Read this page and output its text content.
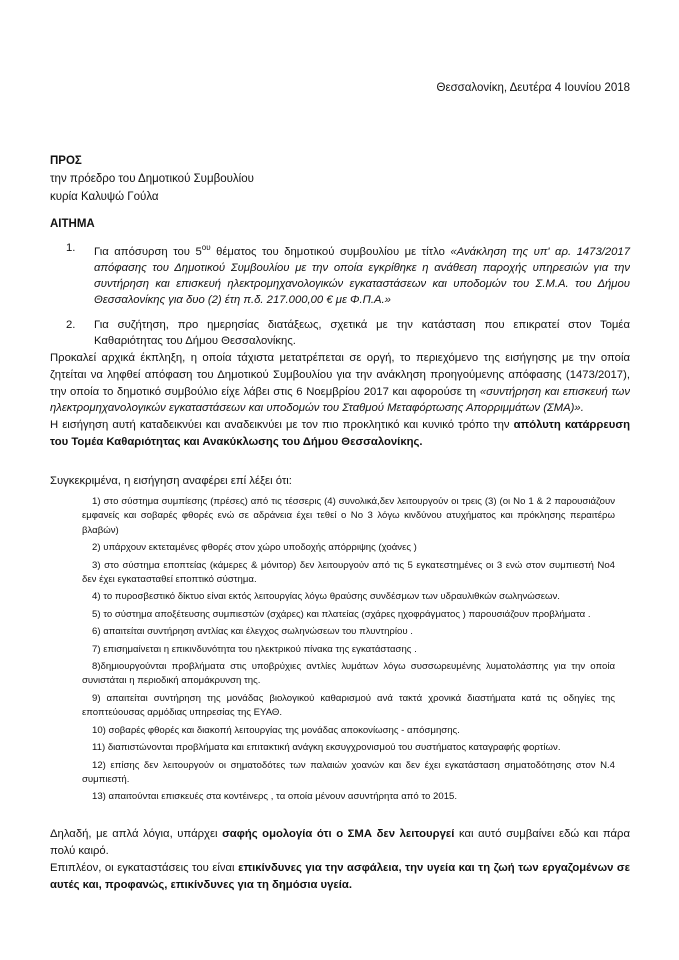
Θεσσαλονίκη, Δευτέρα 4 Ιουνίου 2018
ΠΡΟΣ
την πρόεδρο του Δημοτικού Συμβουλίου
κυρία Καλυψώ Γούλα
ΑΙΤΗΜΑ
1.	Για απόσυρση του $5^{o\upsilon}$ θέματος του δημοτικού συμβουλίου με τίτλο «Ανάκληση της υπ' αρ. 1473/2017 απόφασης του Δημοτικού Συμβουλίου με την οποία εγκρίθηκε η ανάθεση παροχής υπηρεσιών για την συντήρηση και επισκευή ηλεκτρομηχανολογικών εγκαταστάσεων και υποδομών του Σ.Μ.Α. του Δήμου Θεσσαλονίκης για δυο (2) έτη π.δ. 217.000,00 € με Φ.Π.Α.»
2.	Για συζήτηση, προ ημερησίας διατάξεως, σχετικά με την κατάσταση που επικρατεί στον Τομέα Καθαριότητας του Δήμου Θεσσαλονίκης.
Προκαλεί αρχικά έκπληξη, η οποία τάχιστα μετατρέπεται σε οργή, το περιεχόμενο της εισήγησης με την οποία ζητείται να ληφθεί απόφαση του Δημοτικού Συμβουλίου για την ανάκληση προηγούμενης απόφασης (1473/2017), την οποία το δημοτικό συμβούλιο είχε λάβει στις 6 Νοεμβρίου 2017 και αφορούσε τη «συντήρηση και επισκευή των ηλεκτρομηχανολογικών εγκαταστάσεων και υποδομών του Σταθμού Μεταφόρτωσης Απορριμμάτων (ΣΜΑ)».
Η εισήγηση αυτή καταδεικνύει και αναδεικνύει με τον πιο προκλητικό και κυνικό τρόπο την απόλυτη κατάρρευση του Τομέα Καθαριότητας και Ανακύκλωσης του Δήμου Θεσσαλονίκης.
Συγκεκριμένα, η εισήγηση αναφέρει επί λέξει ότι:
1) στο σύστημα συμπίεσης (πρέσες) από τις τέσσερις (4) συνολικά,δεν λειτουργούν οι τρεις (3) (οι Νο 1 & 2 παρουσιάζουν εμφανείς και σοβαρές φθορές ενώ σε αδράνεια έχει τεθεί ο Νο 3 λόγω κινδύνου ατυχήματος και πρόκλησης περαιτέρω βλαβών)
2) υπάρχουν εκτεταμένες φθορές στον χώρο υποδοχής απόρριψης (χοάνες )
3) στο σύστημα εποπτείας (κάμερες & μόνιτορ) δεν λειτουργούν από τις 5 εγκατεστημένες οι 3 ενώ στον συμπιεστή Νο4 δεν έχει εγκατασταθεί εποπτικό σύστημα.
4) το πυροσβεστικό δίκτυο είναι εκτός λειτουργίας λόγω θραύσης συνδέσμων των υδραυλιθκών σωληνώσεων.
5) το σύστημα αποξέτευσης συμπιεστών (σχάρες) και πλατείας (σχάρες ηχοφράγματος ) παρουσιάζουν προβλήματα .
6) απαιτείται συντήρηση αντλίας και έλεγχος σωληνώσεων του πλυντηρίου .
7) επισημαίνεται η επικινδυνότητα του ηλεκτρικού πίνακα της εγκατάστασης .
8)δημιουργούνται προβλήματα στις υποβρύχιες αντλίες λυμάτων λόγω συσσωρευμένης λυματολάσπης για την οποία συνιστάται η περιοδική απομάκρυνση της.
9) απαιτείται συντήρηση της μονάδας βιολογικού καθαρισμού ανά τακτά χρονικά διαστήματα κατά τις οδηγίες της εποπτεύουσας αρμόδιας υπηρεσίας της ΕΥΑΘ.
10) σοβαρές φθορές και διακοπή λειτουργίας της μονάδας αποκονίωσης - απόσμησης.
11) διαπιστώνονται προβλήματα και επιτακτική ανάγκη εκσυγχρονισμού του συστήματος καταγραφής φορτίων.
12) επίσης δεν λειτουργούν οι σηματοδότες των παλαιών χοανών και δεν έχει εγκατάσταση σηματοδότησης στον Ν.4 συμπιεστή.
13) απαιτούνται επισκευές στα κοντέινερς , τα οποία μένουν ασυντήρητα από το 2015.
Δηλαδή, με απλά λόγια, υπάρχει σαφής ομολογία ότι ο ΣΜΑ δεν λειτουργεί και αυτό συμβαίνει εδώ και πάρα πολύ καιρό.
Επιπλέον, οι εγκαταστάσεις του είναι επικίνδυνες για την ασφάλεια, την υγεία και τη ζωή των εργαζομένων σε αυτές και, προφανώς, επικίνδυνες για τη δημόσια υγεία.
